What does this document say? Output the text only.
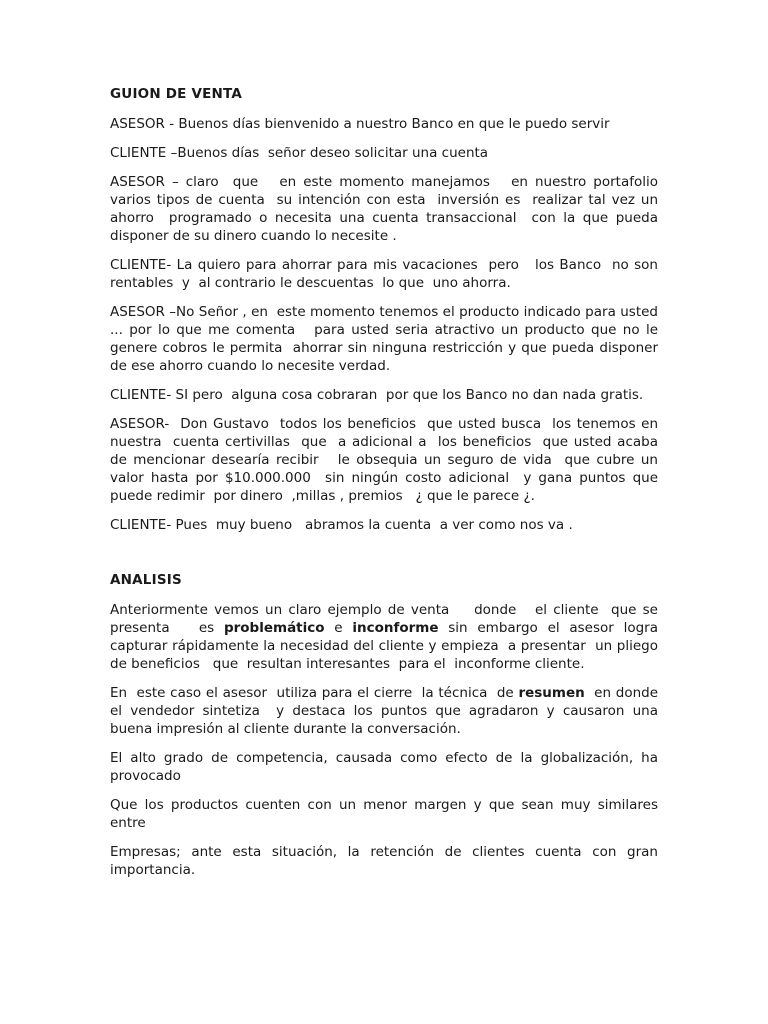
GUION DE VENTA

ASESOR - Buenos días bienvenido a nuestro Banco en que le puedo servir

CLIENTE –Buenos días  señor deseo solicitar una cuenta

ASESOR – claro  que   en este momento manejamos   en nuestro portafolio varios tipos de cuenta  su intención con esta  inversión es  realizar tal vez un ahorro  programado o necesita una cuenta transaccional  con la que pueda disponer de su dinero cuando lo necesite .

CLIENTE- La quiero para ahorrar para mis vacaciones  pero   los Banco  no son rentables  y  al contrario le descuentas  lo que  uno ahorra.

ASESOR –No Señor , en  este momento tenemos el producto indicado para usted   ... por lo que me comenta   para usted seria atractivo un producto que no le genere cobros le permita  ahorrar sin ninguna restricción y que pueda disponer de ese ahorro cuando lo necesite verdad.

CLIENTE- SI pero  alguna cosa cobraran  por que los Banco no dan nada gratis.

ASESOR-  Don Gustavo  todos los beneficios  que usted busca  los tenemos en nuestra  cuenta certivillas  que  a adicional a  los beneficios  que usted acaba  de mencionar desearía recibir   le obsequia un seguro de vida  que cubre un valor hasta por $10.000.000  sin ningún costo adicional  y gana puntos que puede redimir  por dinero  ,millas , premios   ¿ que le parece ¿.

CLIENTE- Pues  muy bueno   abramos la cuenta  a ver como nos va .

ANALISIS

Anteriormente vemos un claro ejemplo de venta    donde   el cliente  que se presenta   es problemático e inconforme sin embargo el asesor logra capturar rápidamente la necesidad del cliente y empieza  a presentar  un pliego de beneficios   que  resultan interesantes  para el  inconforme cliente.

En  este caso el asesor  utiliza para el cierre  la técnica  de resumen  en donde el vendedor sintetiza  y destaca los puntos que agradaron y causaron una buena impresión al cliente durante la conversación.

El alto grado de competencia, causada como efecto de la globalización, ha provocado

Que los productos cuenten con un menor margen y que sean muy similares entre

Empresas; ante esta situación, la retención de clientes cuenta con gran importancia.
